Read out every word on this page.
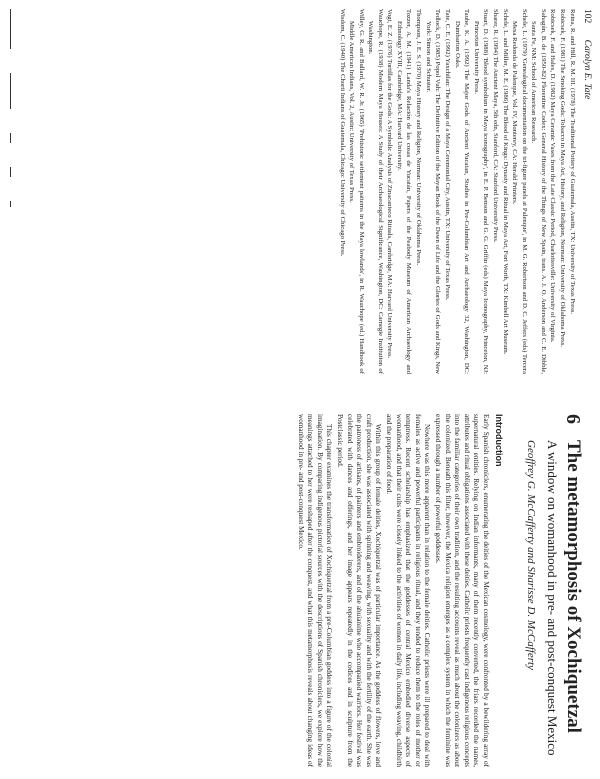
102 Carolyn E. Tate

Reina, R. and Hill, R. M. III. (1978) The Traditional Pottery of Guatemala, Austin, TX: University of Texas Press.

Robicsek, F. (1981) The Smoking Gods: Tobacco in Maya Art, History, and Religion, Norman: University of Oklahoma Press.

Robicsek, F. and Hales, D. (1982) Maya Ceramic Vases from the Late Classic Period, Charlottesville: University of Virginia.

Sahagún, B. de (1950-82) Florentine Codex: General History of the Things of New Spain, trans. A. J. O. Anderson and C. E. Dibble, Santa Fe, NM: School of American Research.

Schele, L. (1979) 'Genealogical documentation on the tri-figure panels at Palenque', in M. G. Robertson and D. C. Jeffers (eds) Tercera Mesa Redonda de Palenque, Vol. IV, Monterey, CA: Herald Printers.

Schele, L. and Miller, M. E. (1986) The Blood of Kings: Dynasty and Ritual in Maya Art, Fort Worth, TX: Kimbell Art Museum.

Sharer, R. (1994) The Ancient Maya, 5th edn, Stanford, CA: Stanford University Press.

Stuart, D. (1988) 'Blood symbolism in Maya iconography', in E. P. Benson and G. G. Griffin (eds) Maya Iconography, Princeton, NJ: Princeton University Press.

Taube, K. A. (1992) The Major Gods of Ancient Yucatan, Studies in Pre-Columbian Art and Archaeology 32, Washington, DC: Dumbarton Oaks.

Tate, C. E. (1992) Yaxchilan: The Design of a Maya Ceremonial City, Austin, TX: University of Texas Press.

Tedlock, D. (1985) Popol Vuh: The Definitive Edition of the Mayan Book of the Dawn of Life and the Glories of Gods and Kings, New York: Simon and Schuster.

Thompson, J. E. S. (1970) Maya History and Religion, Norman: University of Oklahoma Press.

Tozzer, A. M. (1941) Landa's Relación de las cosas de Yucatán, Papers of the Peabody Museum of American Archaeology and Ethnology XVIII, Cambridge, MA: Harvard University.

Vogt, E. Z. (1976) Tortillas for the Gods: A Symbolic Analysis of Zinacanteco Rituals, Cambridge, MA: Harvard University Press.

Wauchope, R. (1938) Modern Maya Houses: A Study of their Archaeological Significance, Washington, DC: Carnegie Institution of Washington.

Willey, G. R. and Bullard, W. R. Jr. (1965) 'Prehistoric settlement patterns in the Maya lowlands', in R. Wauchope (ed.) Handbook of Middle American Indians, Vol. 2, Austin: University of Texas Press.

Wisdom, C. (1940) The Chorti Indians of Guatemala, Chicago: University of Chicago Press.

6
The metamorphosis of Xochiquetzal

A window on womanhood in pre- and post-conquest Mexico

Geoffrey G. McCafferty and Sharisse D. McCafferty

Introduction

Early Spanish chroniclers, enumerating the deities of the Mexican cosmology, were confronted by a bewildering array of supernatural entities. Relying on Indian informants, many of them recently converted, the friars recorded the names, attributes and ritual obligations associated with these deities. Catholic priests frequently cast indigenous religious concepts into the familiar categories of their own tradition, and the resulting accounts reveal as much about the colonizers as about the colonized. Beneath this filter, however, the Mexica religion emerges as a complex system in which the feminine was expressed through a number of powerful goddesses.

Nowhere was this more apparent than in relation to the female deities. Catholic priests were ill prepared to deal with females as active and powerful participants in religious ritual, and they tended to reduce them to the roles of mother or temptress. Recent scholarship has emphasized that the goddesses of central Mexico embodied diverse aspects of womanhood, and that their cults were closely linked to the activities of women in daily life, including weaving, childbirth and the preparation of food.

Within this group of female deities, Xochiquetzal was of particular importance. As the goddess of flowers, love and craft production, she was associated with spinning and weaving, with sexuality and with the fertility of the earth. She was the patroness of artisans, of painters and embroiderers, and of the ahuianime who accompanied warriors. Her festival was celebrated with dances and offerings, and her image appears repeatedly in the codices and in sculpture from the Postclassic period.

This chapter examines the transformation of Xochiquetzal from a pre-Columbian goddess into a figure of the colonial imagination. By comparing indigenous pictorial sources with the descriptions of Spanish chroniclers, we explore how the meanings attached to her were reshaped after the conquest, and what this metamorphosis reveals about changing ideas of womanhood in pre- and post-conquest Mexico.
